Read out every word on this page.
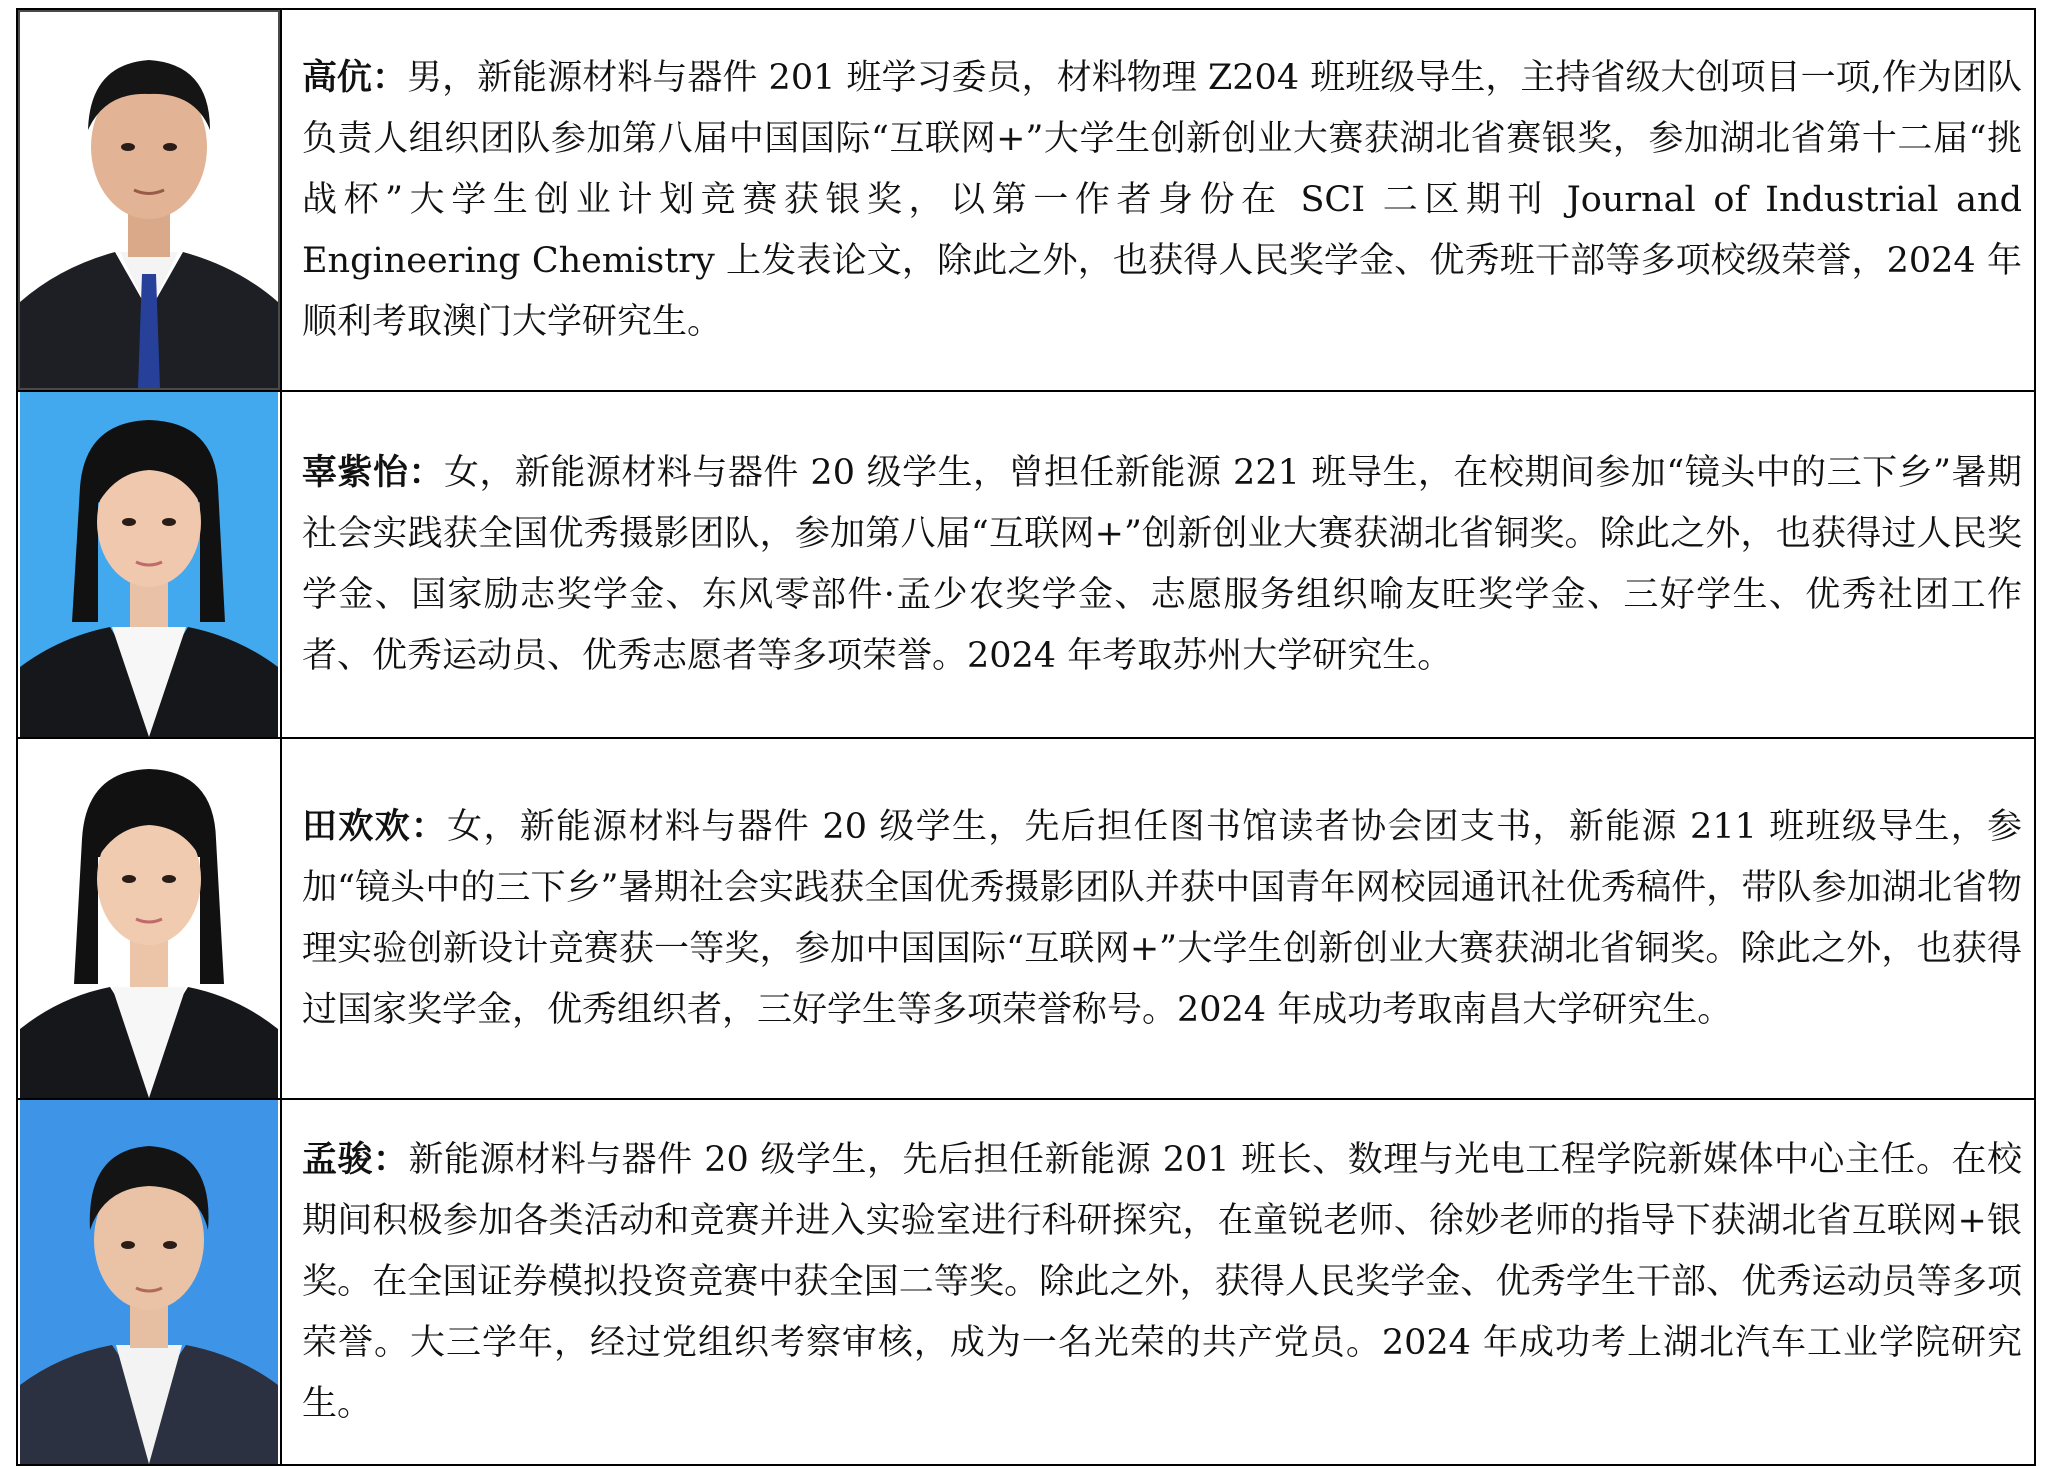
高伉：男，新能源材料与器件 201 班学习委员，材料物理 Z204 班班级导生，主持省级大创项目一项,作为团队负责人组织团队参加第八届中国国际“互联网+”大学生创新创业大赛获湖北省赛银奖，参加湖北省第十二届“挑战杯”大学生创业计划竞赛获银奖，以第一作者身份在 SCI 二区期刊 Journal of Industrial and Engineering Chemistry 上发表论文，除此之外，也获得人民奖学金、优秀班干部等多项校级荣誉，2024 年顺利考取澳门大学研究生。

辜紫怡：女，新能源材料与器件 20 级学生，曾担任新能源 221 班导生，在校期间参加“镜头中的三下乡”暑期社会实践获全国优秀摄影团队，参加第八届“互联网+”创新创业大赛获湖北省铜奖。除此之外，也获得过人民奖学金、国家励志奖学金、东风零部件·孟少农奖学金、志愿服务组织喻友旺奖学金、三好学生、优秀社团工作者、优秀运动员、优秀志愿者等多项荣誉。2024 年考取苏州大学研究生。

田欢欢：女，新能源材料与器件 20 级学生，先后担任图书馆读者协会团支书，新能源 211 班班级导生，参加“镜头中的三下乡”暑期社会实践获全国优秀摄影团队并获中国青年网校园通讯社优秀稿件，带队参加湖北省物理实验创新设计竞赛获一等奖，参加中国国际“互联网+”大学生创新创业大赛获湖北省铜奖。除此之外，也获得过国家奖学金，优秀组织者，三好学生等多项荣誉称号。2024 年成功考取南昌大学研究生。

孟骏：新能源材料与器件 20 级学生，先后担任新能源 201 班长、数理与光电工程学院新媒体中心主任。在校期间积极参加各类活动和竞赛并进入实验室进行科研探究，在童锐老师、徐妙老师的指导下获湖北省互联网+银奖。在全国证券模拟投资竞赛中获全国二等奖。除此之外，获得人民奖学金、优秀学生干部、优秀运动员等多项荣誉。大三学年，经过党组织考察审核，成为一名光荣的共产党员。2024 年成功考上湖北汽车工业学院研究生。
